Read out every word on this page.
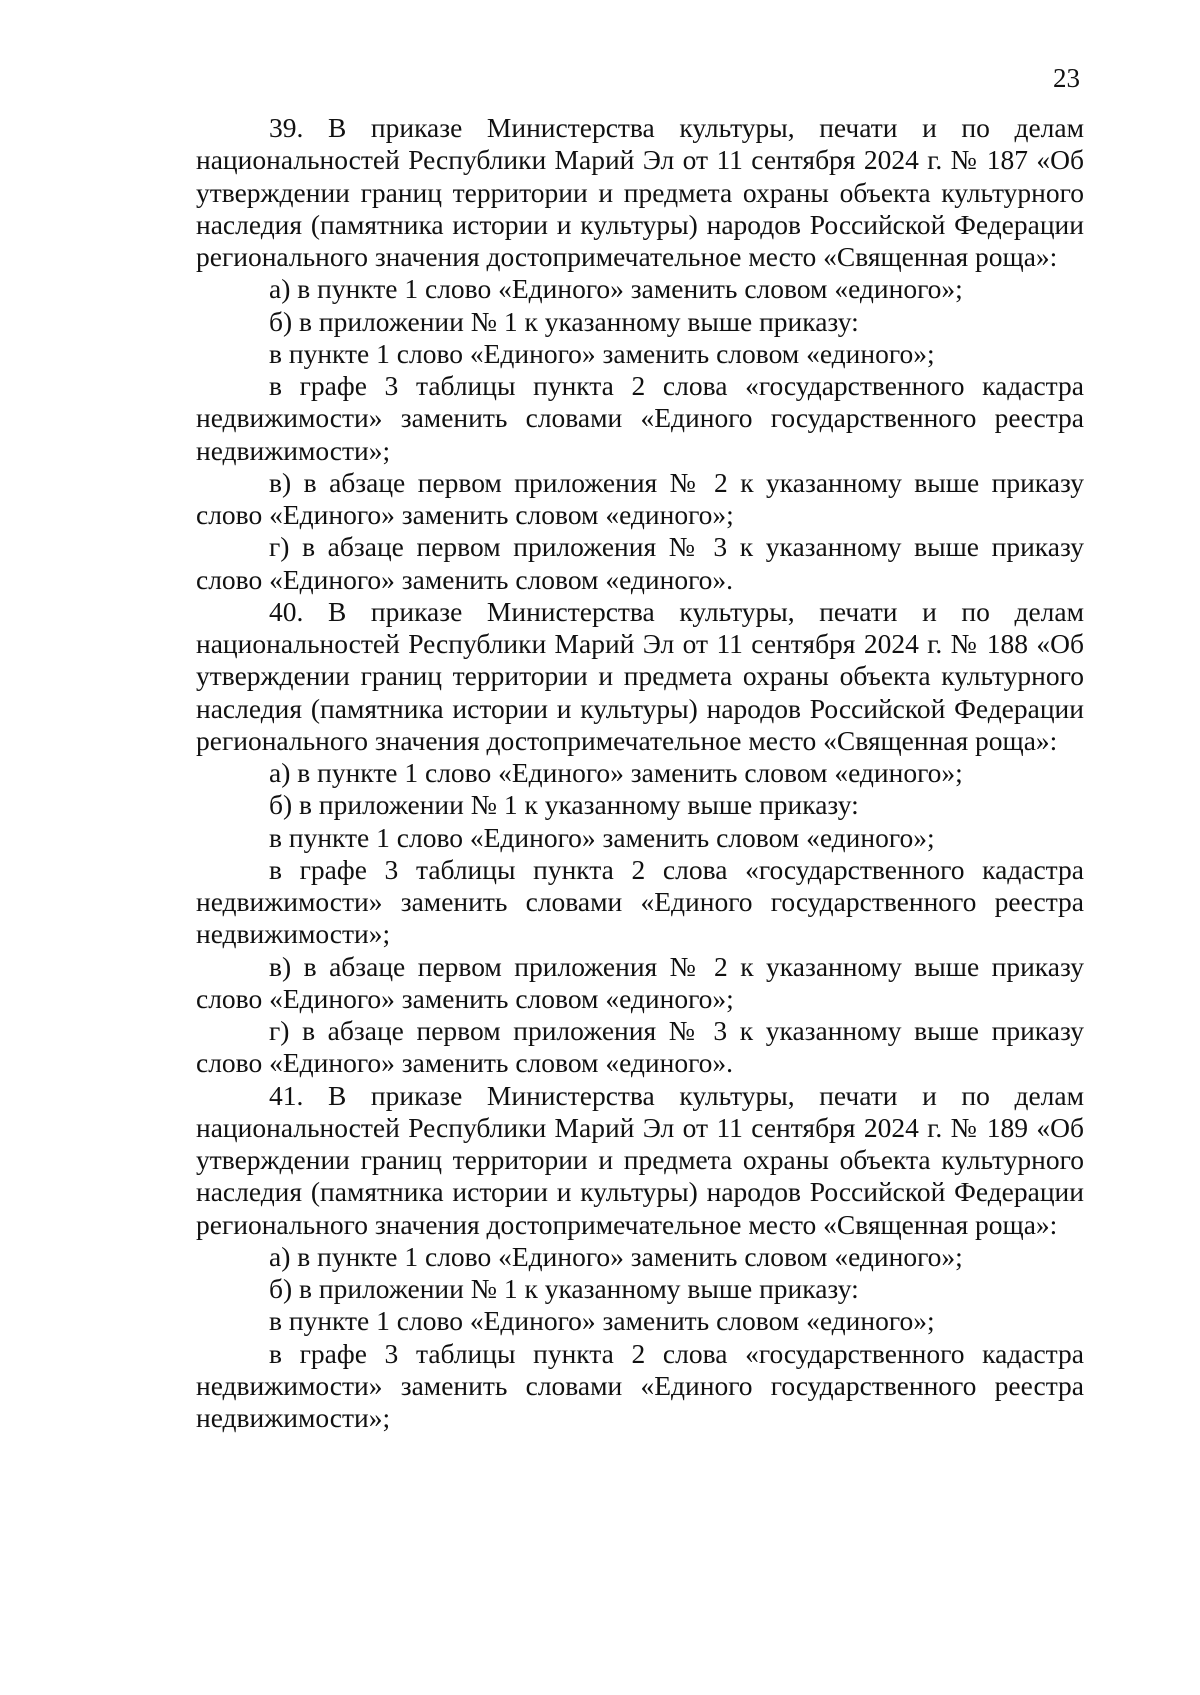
23

39. В приказе Министерства культуры, печати и по делам национальностей Республики Марий Эл от 11 сентября 2024 г. № 187 «Об утверждении границ территории и предмета охраны объекта культурного наследия (памятника истории и культуры) народов Российской Федерации регионального значения достопримечательное место «Священная роща»:

а) в пункте 1 слово «Единого» заменить словом «единого»;

б) в приложении № 1 к указанному выше приказу:

в пункте 1 слово «Единого» заменить словом «единого»;

в графе 3 таблицы пункта 2 слова «государственного кадастра недвижимости» заменить словами «Единого государственного реестра недвижимости»;

в) в абзаце первом приложения № 2 к указанному выше приказу слово «Единого» заменить словом «единого»;

г) в абзаце первом приложения № 3 к указанному выше приказу слово «Единого» заменить словом «единого».

40. В приказе Министерства культуры, печати и по делам национальностей Республики Марий Эл от 11 сентября 2024 г. № 188 «Об утверждении границ территории и предмета охраны объекта культурного наследия (памятника истории и культуры) народов Российской Федерации регионального значения достопримечательное место «Священная роща»:

а) в пункте 1 слово «Единого» заменить словом «единого»;

б) в приложении № 1 к указанному выше приказу:

в пункте 1 слово «Единого» заменить словом «единого»;

в графе 3 таблицы пункта 2 слова «государственного кадастра недвижимости» заменить словами «Единого государственного реестра недвижимости»;

в) в абзаце первом приложения № 2 к указанному выше приказу слово «Единого» заменить словом «единого»;

г) в абзаце первом приложения № 3 к указанному выше приказу слово «Единого» заменить словом «единого».

41. В приказе Министерства культуры, печати и по делам национальностей Республики Марий Эл от 11 сентября 2024 г. № 189 «Об утверждении границ территории и предмета охраны объекта культурного наследия (памятника истории и культуры) народов Российской Федерации регионального значения достопримечательное место «Священная роща»:

а) в пункте 1 слово «Единого» заменить словом «единого»;

б) в приложении № 1 к указанному выше приказу:

в пункте 1 слово «Единого» заменить словом «единого»;

в графе 3 таблицы пункта 2 слова «государственного кадастра недвижимости» заменить словами «Единого государственного реестра недвижимости»;
